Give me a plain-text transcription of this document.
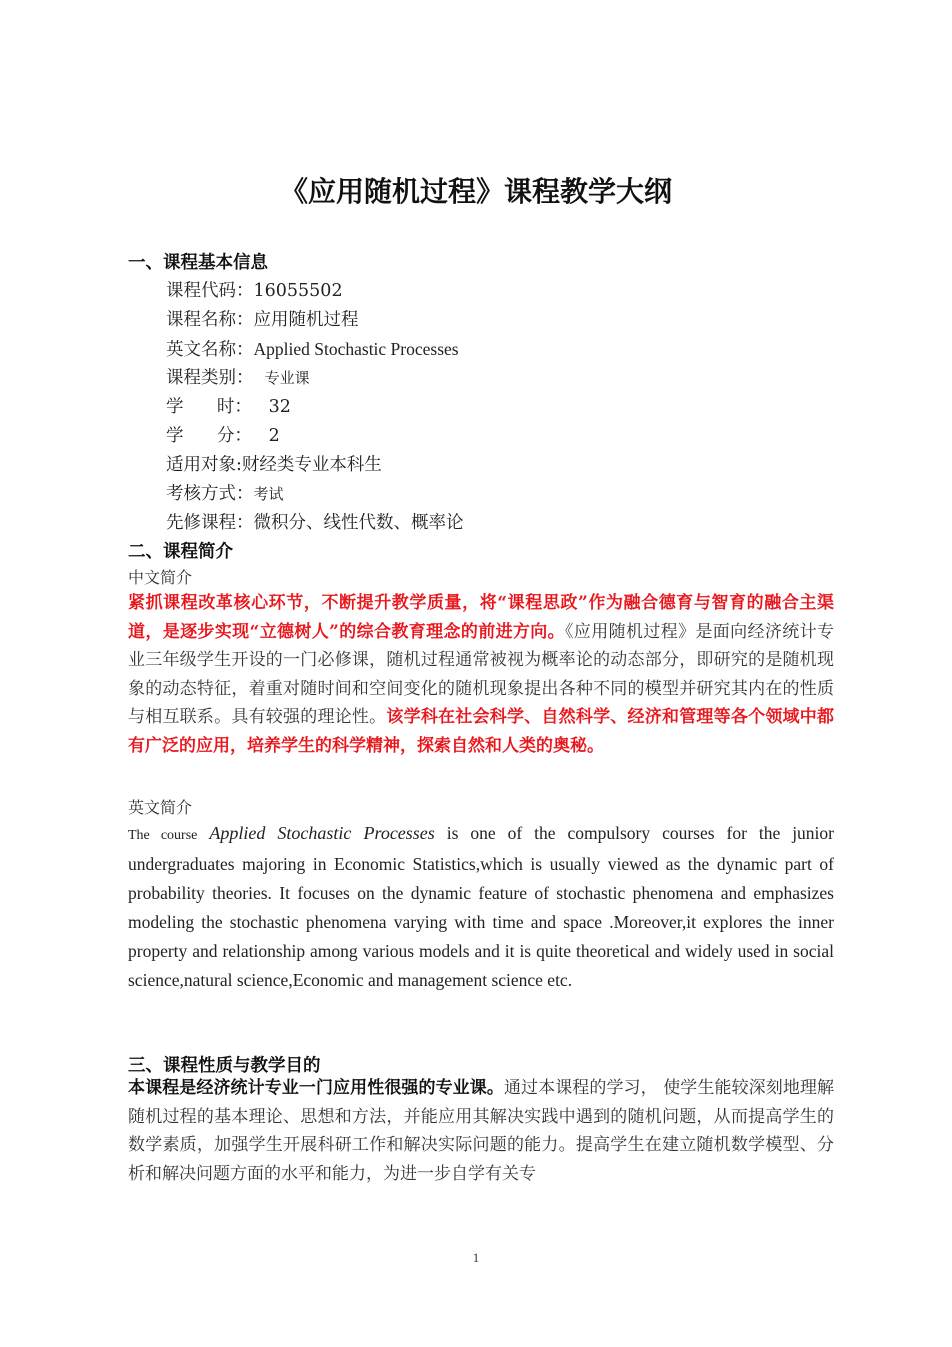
《应用随机过程》课程教学大纲
一、课程基本信息
课程代码：16055502
课程名称：应用随机过程
英文名称：Applied Stochastic Processes
课程类别： 专业课
学      时： 32
学      分： 2
适用对象:财经类专业本科生
考核方式：考试
先修课程：微积分、线性代数、概率论
二、课程简介
中文简介

紧抓课程改革核心环节，不断提升教学质量，将“课程思政”作为融合德育与智育的融合主渠道，是逐步实现“立德树人”的综合教育理念的前进方向。《应用随机过程》是面向经济统计专业三年级学生开设的一门必修课，随机过程通常被视为概率论的动态部分，即研究的是随机现象的动态特征，着重对随时间和空间变化的随机现象提出各种不同的模型并研究其内在的性质与相互联系。具有较强的理论性。该学科在社会科学、自然科学、经济和管理等各个领域中都有广泛的应用，培养学生的科学精神，探索自然和人类的奥秘。

英文简介

The course Applied Stochastic Processes is one of the compulsory courses for the junior undergraduates majoring in Economic Statistics,which is usually viewed as the dynamic part of probability theories. It focuses on the dynamic feature of stochastic phenomena and emphasizes modeling the stochastic phenomena varying with time and space .Moreover,it explores the inner property and relationship among various models and it is quite theoretical and widely used in social science,natural science,Economic and management science etc.

三、课程性质与教学目的

本课程是经济统计专业一门应用性很强的专业课。通过本课程的学习， 使学生能较深刻地理解随机过程的基本理论、思想和方法，并能应用其解决实践中遇到的随机问题，从而提高学生的数学素质，加强学生开展科研工作和解决实际问题的能力。提高学生在建立随机数学模型、分析和解决问题方面的水平和能力，为进一步自学有关专

1
